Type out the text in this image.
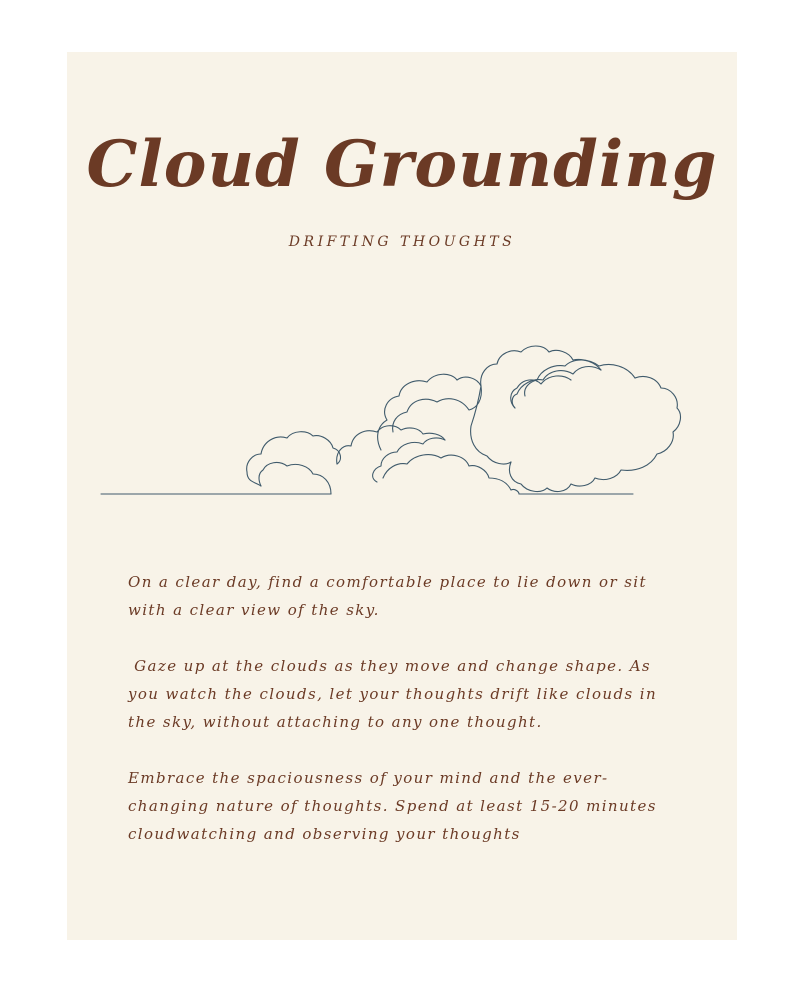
Cloud Grounding
DRIFTING THOUGHTS

On a clear day, find a comfortable place to lie down or sit with a clear view of the sky.

Gaze up at the clouds as they move and change shape. As you watch the clouds, let your thoughts drift like clouds in the sky, without attaching to any one thought.

Embrace the spaciousness of your mind and the ever-changing nature of thoughts. Spend at least 15-20 minutes cloudwatching and observing your thoughts
